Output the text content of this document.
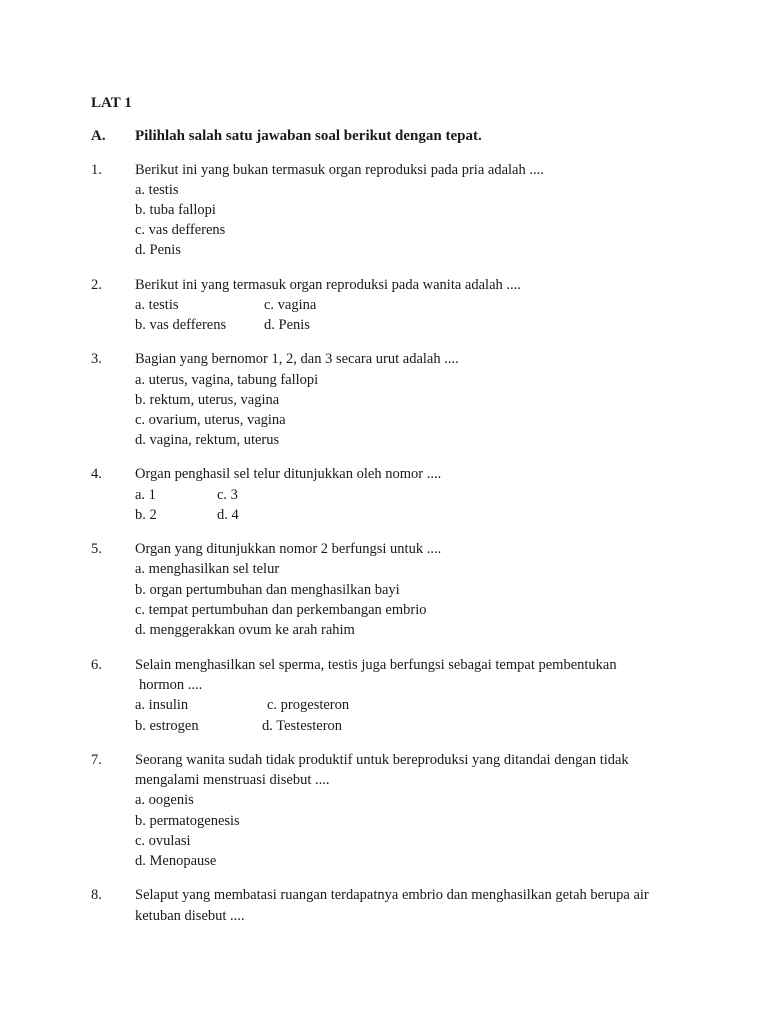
LAT 1
A. Pilihlah salah satu jawaban soal berikut dengan tepat.
1. Berikut ini yang bukan termasuk organ reproduksi pada pria adalah ....
a. testis
b. tuba fallopi
c. vas defferens
d. Penis
2. Berikut ini yang termasuk organ reproduksi pada wanita adalah ....
a. testis	c. vagina
b. vas defferens	d. Penis
3. Bagian yang bernomor 1, 2, dan 3 secara urut adalah ....
a. uterus, vagina, tabung fallopi
b. rektum, uterus, vagina
c. ovarium, uterus, vagina
d. vagina, rektum, uterus
4. Organ penghasil sel telur ditunjukkan oleh nomor ....
a. 1	c. 3
b. 2	d. 4
5. Organ yang ditunjukkan nomor 2 berfungsi untuk ....
a. menghasilkan sel telur
b. organ pertumbuhan dan menghasilkan bayi
c. tempat pertumbuhan dan perkembangan embrio
d. menggerakkan ovum ke arah rahim
6. Selain menghasilkan sel sperma, testis juga berfungsi sebagai tempat pembentukan
hormon ....
a. insulin	c. progesteron
b. estrogen	d. Testesteron
7. Seorang wanita sudah tidak produktif untuk bereproduksi yang ditandai dengan tidak
mengalami menstruasi disebut ....
a. oogenis
b. permatogenesis
c. ovulasi
d. Menopause
8. Selaput yang membatasi ruangan terdapatnya embrio dan menghasilkan getah berupa air
ketuban disebut ....
